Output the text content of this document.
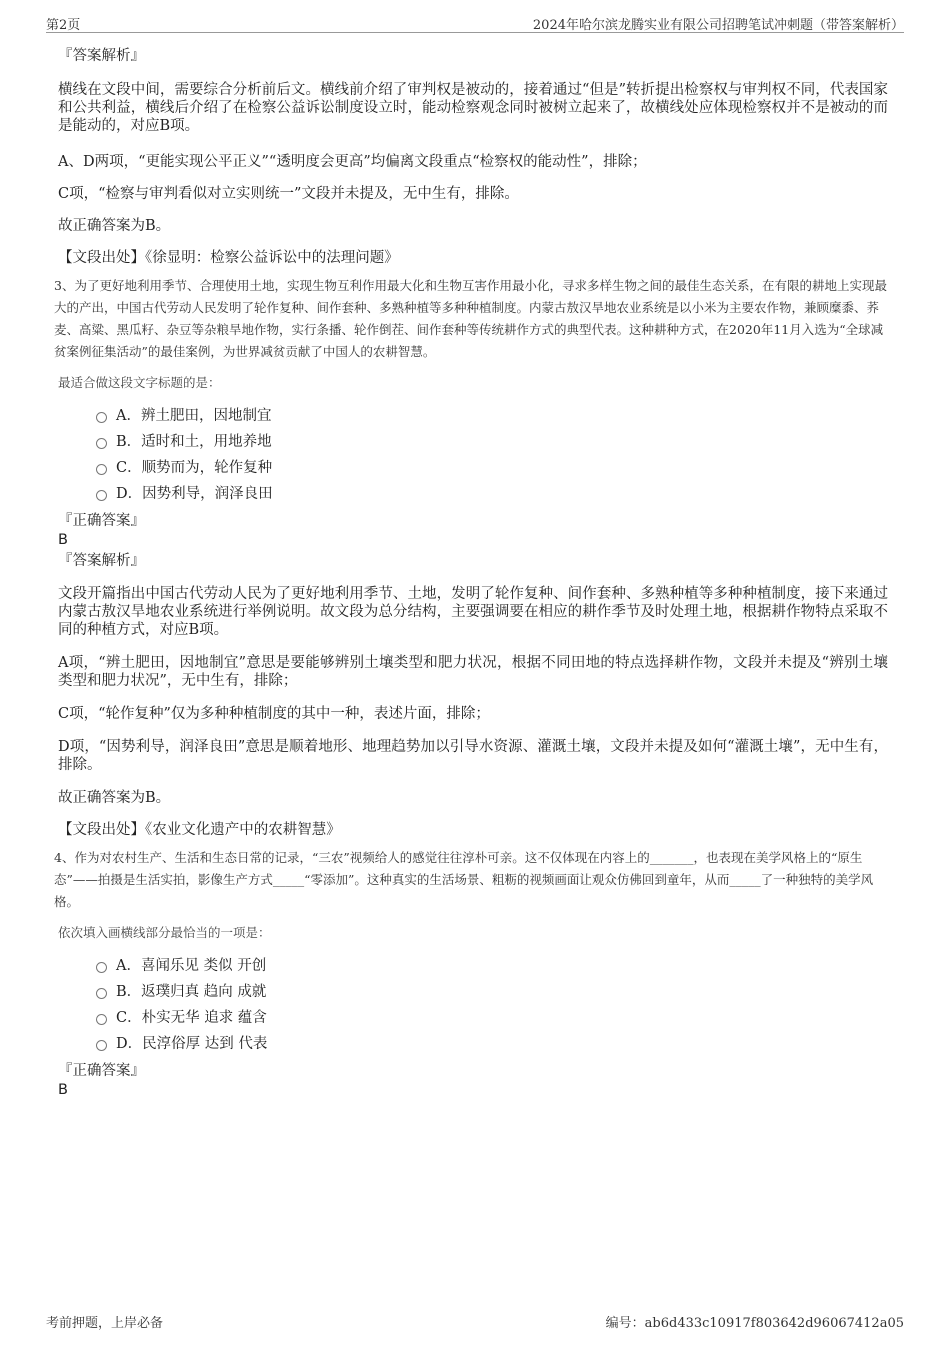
第2页	2024年哈尔滨龙腾实业有限公司招聘笔试冲刺题（带答案解析）
『答案解析』
横线在文段中间，需要综合分析前后文。横线前介绍了审判权是被动的，接着通过“但是”转折提出检察权与审判权不同，代表国家和公共利益，横线后介绍了在检察公益诉讼制度设立时，能动检察观念同时被树立起来了，故横线处应体现检察权并不是被动的而是能动的，对应B项。
A、D两项，“更能实现公平正义”“透明度会更高”均偏离文段重点“检察权的能动性”，排除；
C项，“检察与审判看似对立实则统一”文段并未提及，无中生有，排除。
故正确答案为B。
【文段出处】《徐显明：检察公益诉讼中的法理问题》
3、为了更好地利用季节、合理使用土地，实现生物互利作用最大化和生物互害作用最小化，寻求多样生物之间的最佳生态关系，在有限的耕地上实现最大的产出，中国古代劳动人民发明了轮作复种、间作套种、多熟种植等多种种植制度。内蒙古敖汉旱地农业系统是以小米为主要农作物，兼顾糜黍、荞麦、高粱、黑瓜籽、杂豆等杂粮旱地作物，实行条播、轮作倒茬、间作套种等传统耕作方式的典型代表。这种耕种方式，在2020年11月入选为“全球减贫案例征集活动”的最佳案例，为世界减贫贡献了中国人的农耕智慧。
最适合做这段文字标题的是：
A．辨土肥田，因地制宜
B．适时和土，用地养地
C．顺势而为，轮作复种
D．因势利导，润泽良田
『正确答案』
B
『答案解析』
文段开篇指出中国古代劳动人民为了更好地利用季节、土地，发明了轮作复种、间作套种、多熟种植等多种种植制度，接下来通过内蒙古敖汉旱地农业系统进行举例说明。故文段为总分结构，主要强调要在相应的耕作季节及时处理土地，根据耕作物特点采取不同的种植方式，对应B项。
A项，“辨土肥田，因地制宜”意思是要能够辨别土壤类型和肥力状况，根据不同田地的特点选择耕作物，文段并未提及“辨别土壤类型和肥力状况”，无中生有，排除；
C项，“轮作复种”仅为多种种植制度的其中一种，表述片面，排除；
D项，“因势利导，润泽良田”意思是顺着地形、地理趋势加以引导水资源、灌溉土壤，文段并未提及如何“灌溉土壤”，无中生有，排除。
故正确答案为B。
【文段出处】《农业文化遗产中的农耕智慧》
4、作为对农村生产、生活和生态日常的记录，“三农”视频给人的感觉往往淳朴可亲。这不仅体现在内容上的_______，也表现在美学风格上的“原生态”——拍摄是生活实拍，影像生产方式_____“零添加”。这种真实的生活场景、粗粝的视频画面让观众仿佛回到童年，从而_____了一种独特的美学风格。
依次填入画横线部分最恰当的一项是：
A．喜闻乐见 类似 开创
B．返璞归真 趋向 成就
C．朴实无华 追求 蕴含
D．民淳俗厚 达到 代表
『正确答案』
B
考前押题，上岸必备	编号：ab6d433c10917f803642d96067412a05
